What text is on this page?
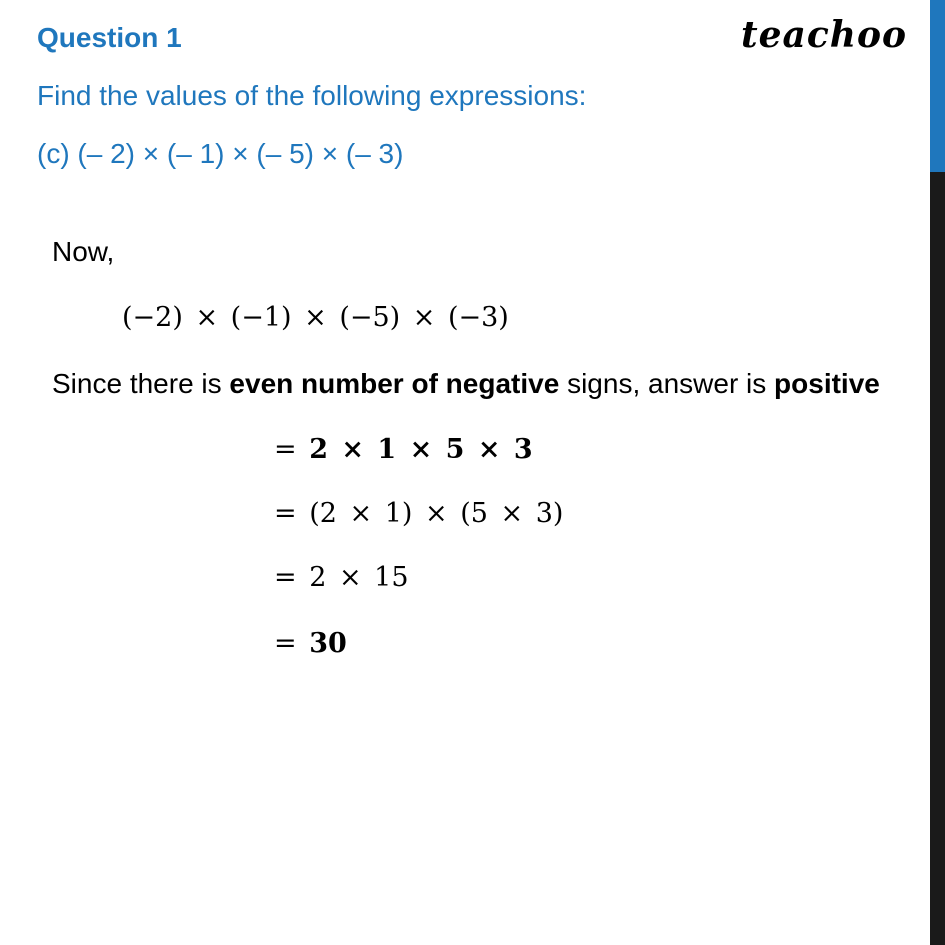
Question 1	teachoo
Find the values of the following expressions:
(c) (– 2) × (– 1) × (– 5) × (– 3)
Now,
(−2) × (−1) × (−5) × (−3)
Since there is even number of negative signs, answer is positive
= 2 × 1 × 5 × 3
= (2 × 1) × (5 × 3)
= 2 × 15
= 30
